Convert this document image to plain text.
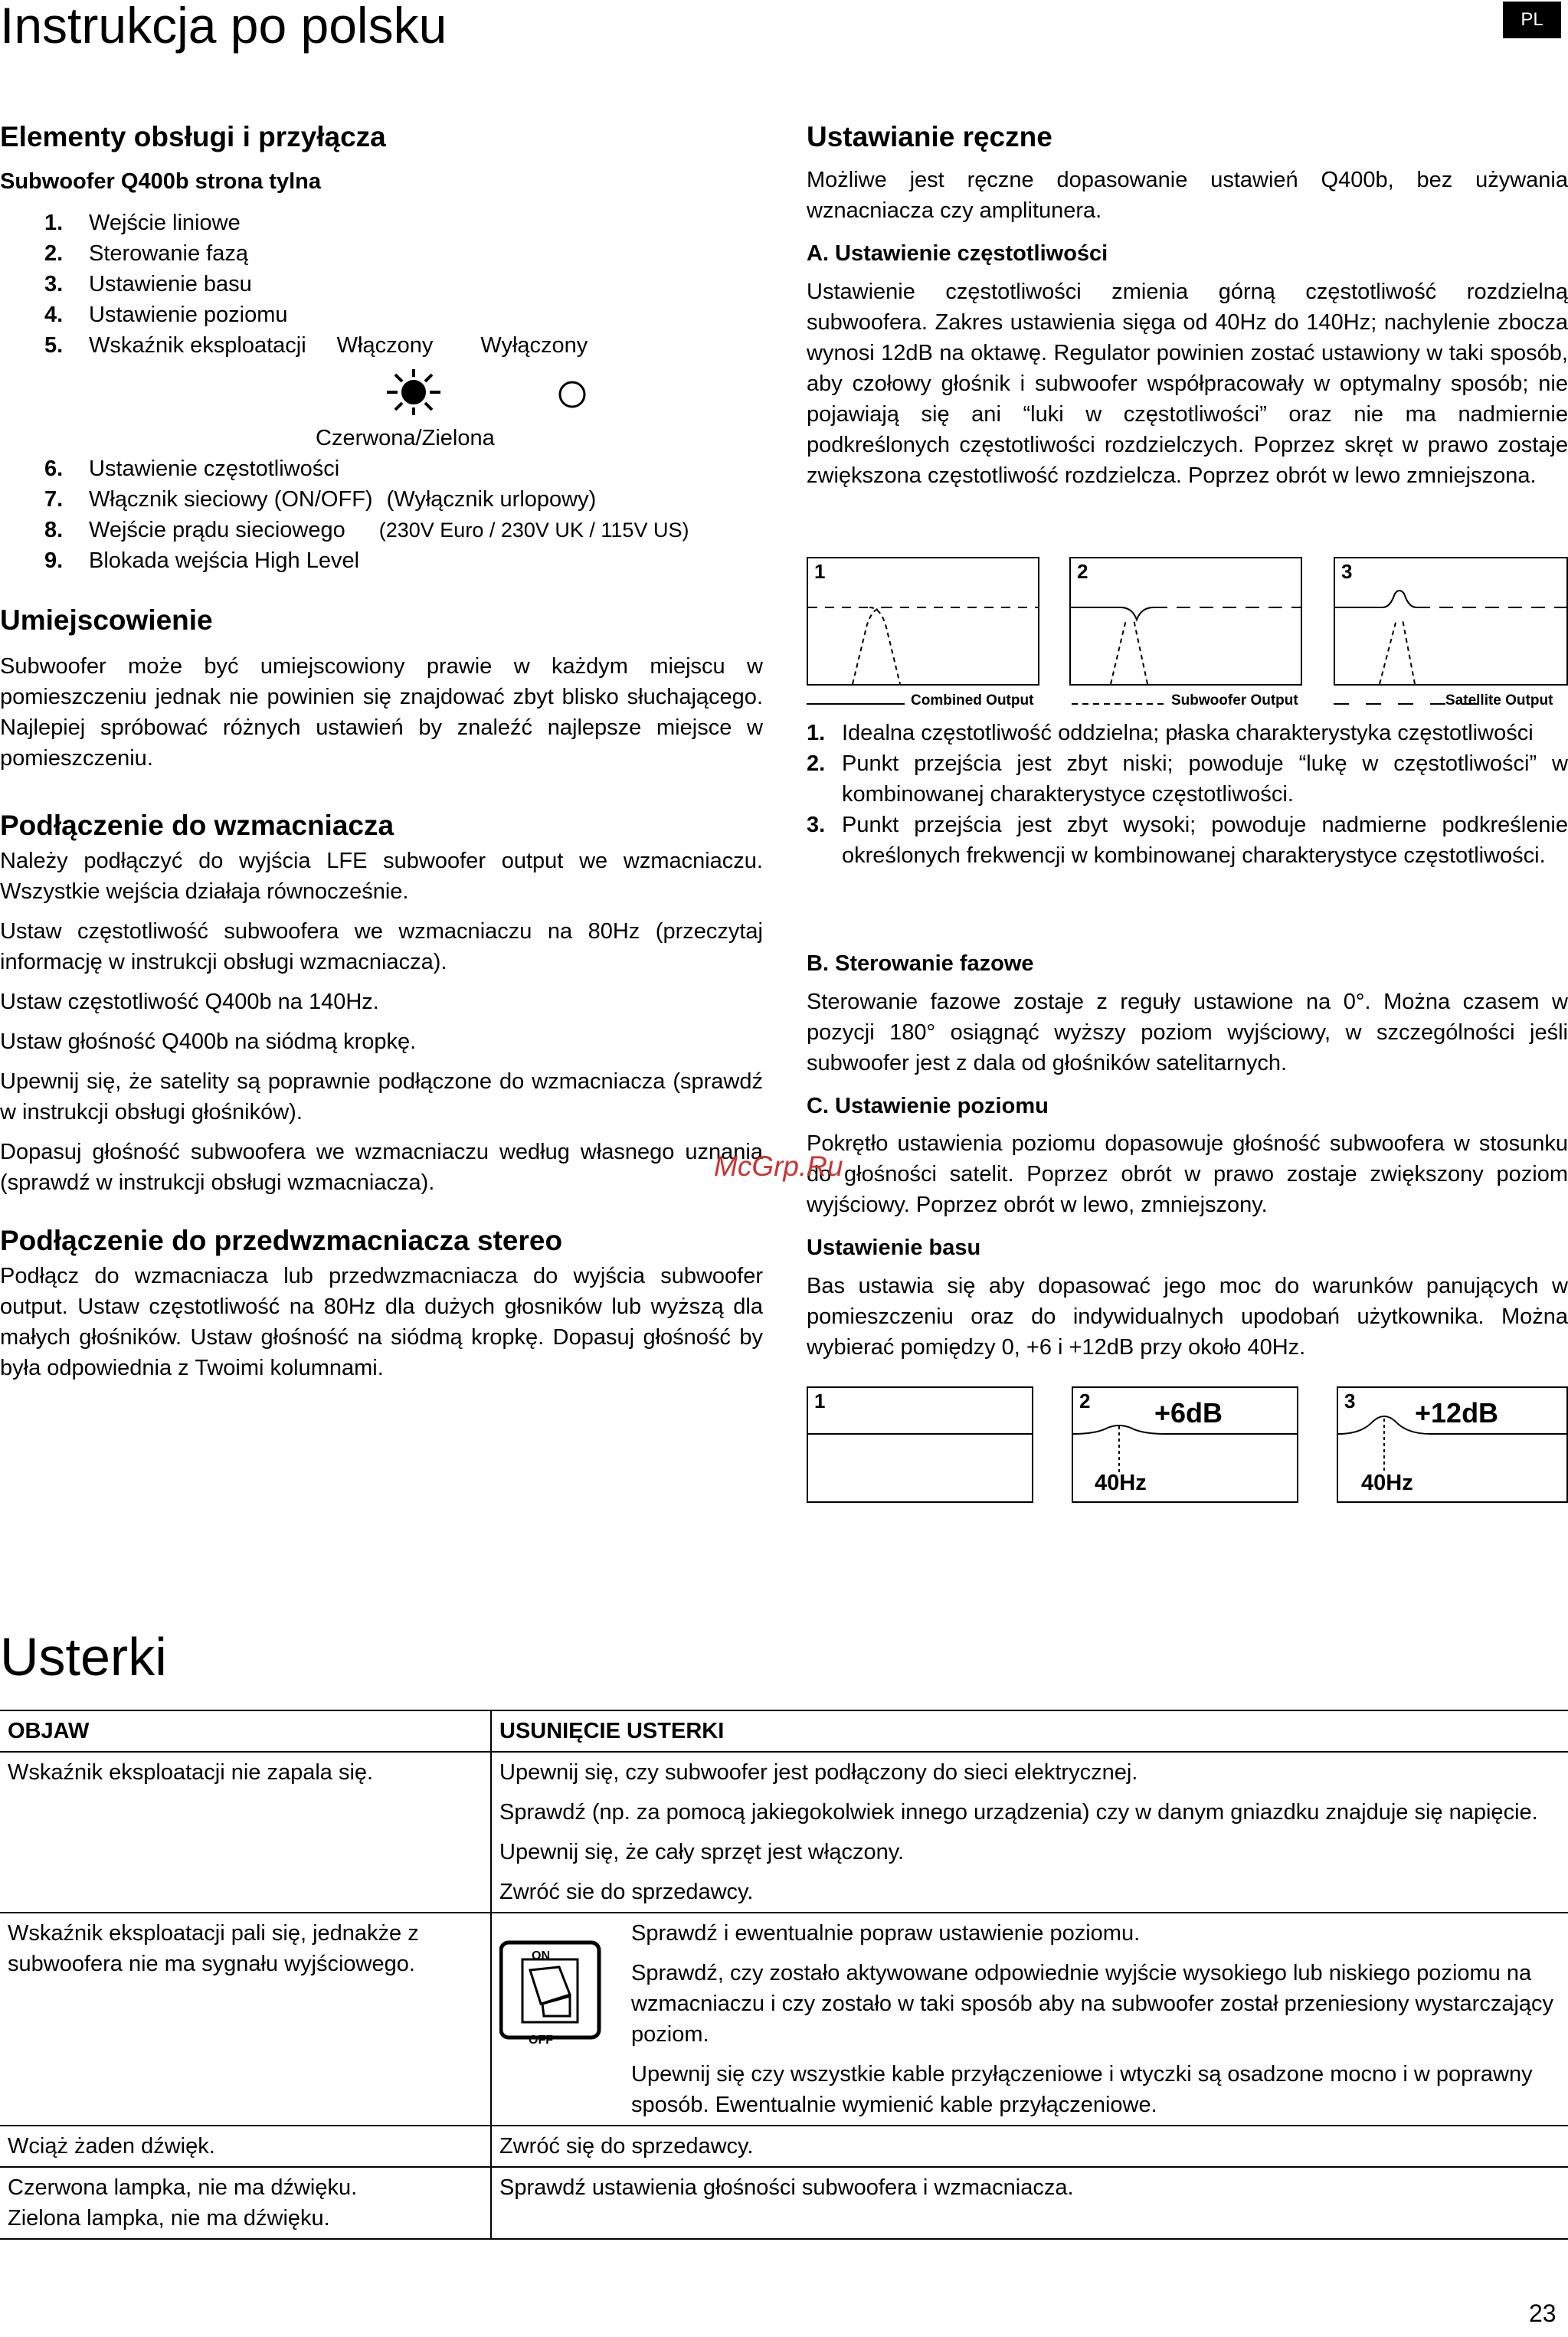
Instrukcja po polsku	PL
Elementy obsługi i przyłącza
Subwoofer Q400b strona tylna
1.	Wejście liniowe
2.	Sterowanie fazą
3.	Ustawienie basu
4.	Ustawienie poziomu
5.	Wskaźnik eksploatacji Włączony Wyłączony
Czerwona/Zielona
6.	Ustawienie częstotliwości
7.	Włącznik sieciowy (ON/OFF) (Wyłącznik urlopowy)
8.	Wejście prądu sieciowego (230V Euro / 230V UK / 115V US)
9.	Blokada wejścia High Level
Umiejscowienie
Subwoofer może być umiejscowiony prawie w każdym miejscu w pomieszczeniu jednak nie powinien się znajdować zbyt blisko słuchającego. Najlepiej spróbować różnych ustawień by znaleźć najlepsze miejsce w pomieszczeniu.
Podłączenie do wzmacniacza

Należy podłączyć do wyjścia LFE subwoofer output we wzmacniaczu. Wszystkie wejścia działaja równocześnie.

Ustaw częstotliwość subwoofera we wzmacniaczu na 80Hz (przeczytaj informację w instrukcji obsługi wzmacniacza).

Ustaw częstotliwość Q400b na 140Hz.

Ustaw głośność Q400b na siódmą kropkę.

Upewnij się, że satelity są poprawnie podłączone do wzmacniacza (sprawdź w instrukcji obsługi głośników).

Dopasuj głośność subwoofera we wzmacniaczu według własnego uznania (sprawdź w instrukcji obsługi wzmacniacza).

Podłączenie do przedwzmacniacza stereo
Podłącz do wzmacniacza lub przedwzmacniacza do wyjścia subwoofer output. Ustaw częstotliwość na 80Hz dla dużych głosników lub wyższą dla małych głośników. Ustaw głośność na siódmą kropkę. Dopasuj głośność by była odpowiednia z Twoimi kolumnami.
Ustawianie ręczne
Możliwe jest ręczne dopasowanie ustawień Q400b, bez używania wznacniacza czy amplitunera.
A. Ustawienie częstotliwości
Ustawienie częstotliwości zmienia górną częstotliwość rozdzielną subwoofera. Zakres ustawienia sięga od 40Hz do 140Hz; nachylenie zbocza wynosi 12dB na oktawę. Regulator powinien zostać ustawiony w taki sposób, aby czołowy głośnik i subwoofer współpracowały w optymalny sposób; nie pojawiają się ani “luki w częstotliwości” oraz nie ma nadmiernie podkreślonych częstotliwości rozdzielczych. Poprzez skręt w prawo zostaje zwiększona częstotliwość rozdzielcza. Poprzez obrót w lewo zmniejszona.
1	2	3
Combined Output	Subwoofer Output	Satellite Output
1. Idealna częstotliwość oddzielna; płaska charakterystyka częstotliwości
2. Punkt przejścia jest zbyt niski; powoduje “lukę w częstotliwości” w kombinowanej charakterystyce częstotliwości.
3. Punkt przejścia jest zbyt wysoki; powoduje nadmierne podkreślenie określonych frekwencji w kombinowanej charakterystyce częstotliwości.
B. Sterowanie fazowe
Sterowanie fazowe zostaje z reguły ustawione na 0°. Można czasem w pozycji 180° osiągnąć wyższy poziom wyjściowy, w szczególności jeśli subwoofer jest z dala od głośników satelitarnych.
C. Ustawienie poziomu
Pokrętło ustawienia poziomu dopasowuje głośność subwoofera w stosunku do głośności satelit. Poprzez obrót w prawo zostaje zwiększony poziom wyjściowy. Poprzez obrót w lewo, zmniejszony.
Ustawienie basu
Bas ustawia się aby dopasować jego moc do warunków panujących w pomieszczeniu oraz do indywidualnych upodobań użytkownika. Można wybierać pomiędzy 0, +6 i +12dB przy około 40Hz.
McGrp.Ru
1	2 +6dB
40Hz
3 +12dB
40Hz
Usterki
OBJAW	USUNIĘCIE USTERKI
Wskaźnik eksploatacji nie zapala się.	Upewnij się, czy subwoofer jest podłączony do sieci elektrycznej.

Sprawdź (np. za pomocą jakiegokolwiek innego urządzenia) czy w danym gniazdku znajduje się napięcie.

Upewnij się, że cały sprzęt jest włączony.

Zwróć sie do sprzedawcy.

Wskaźnik eksploatacji pali się, jednakże z subwoofera nie ma sygnału wyjściowego.	ON
OFF

Sprawdź i ewentualnie popraw ustawienie poziomu.

Sprawdź, czy zostało aktywowane odpowiednie wyjście wysokiego lub niskiego poziomu na wzmacniaczu i czy zostało w taki sposób aby na subwoofer został przeniesiony wystarczający poziom.

Upewnij się czy wszystkie kable przyłączeniowe i wtyczki są osadzone mocno i w poprawny sposób. Ewentualnie wymienić kable przyłączeniowe.

Wciąż żaden dźwięk.	Zwróć się do sprzedawcy.

Czerwona lampka, nie ma dźwięku.
Zielona lampka, nie ma dźwięku.	Sprawdź ustawienia głośności subwoofera i wzmacniacza.
23
